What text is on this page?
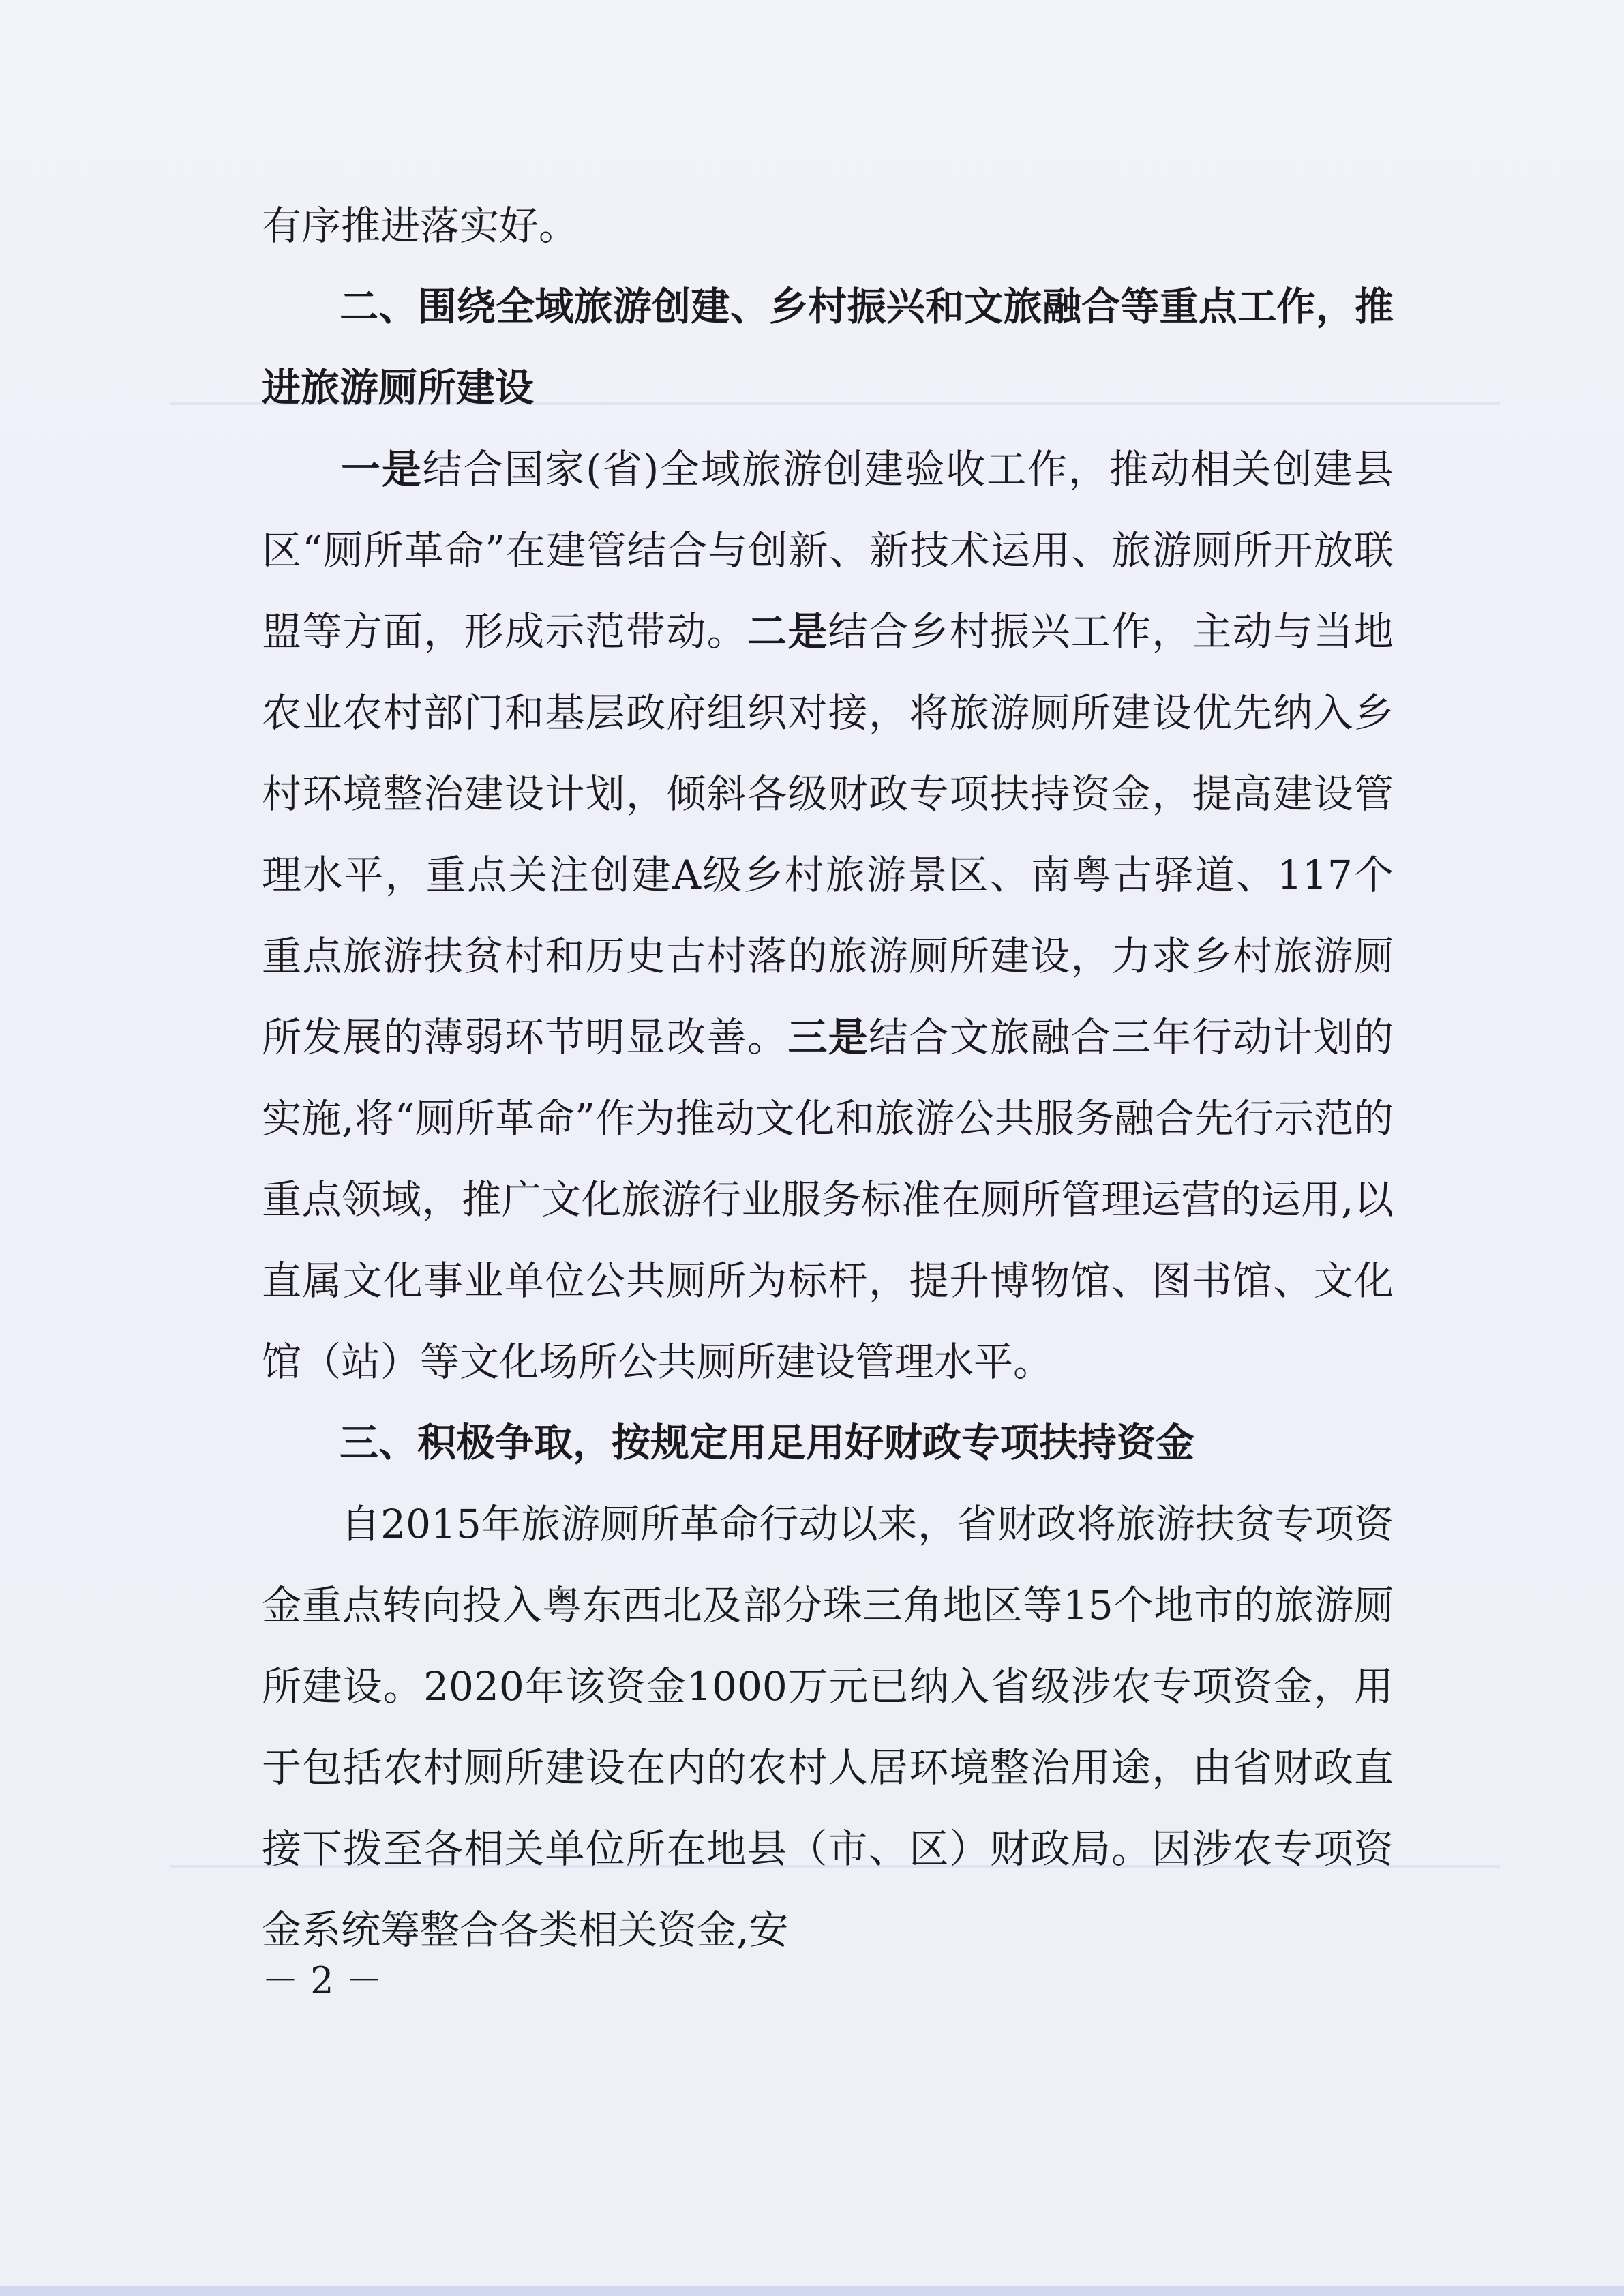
有序推进落实好。

二、围绕全域旅游创建、乡村振兴和文旅融合等重点工作，推进旅游厕所建设

一是结合国家(省)全域旅游创建验收工作，推动相关创建县区“厕所革命”在建管结合与创新、新技术运用、旅游厕所开放联盟等方面，形成示范带动。二是结合乡村振兴工作，主动与当地农业农村部门和基层政府组织对接，将旅游厕所建设优先纳入乡村环境整治建设计划，倾斜各级财政专项扶持资金，提高建设管理水平，重点关注创建A级乡村旅游景区、南粤古驿道、117个重点旅游扶贫村和历史古村落的旅游厕所建设，力求乡村旅游厕所发展的薄弱环节明显改善。三是结合文旅融合三年行动计划的实施,将“厕所革命”作为推动文化和旅游公共服务融合先行示范的重点领域，推广文化旅游行业服务标准在厕所管理运营的运用,以直属文化事业单位公共厕所为标杆，提升博物馆、图书馆、文化馆（站）等文化场所公共厕所建设管理水平。

三、积极争取，按规定用足用好财政专项扶持资金

自2015年旅游厕所革命行动以来，省财政将旅游扶贫专项资金重点转向投入粤东西北及部分珠三角地区等15个地市的旅游厕所建设。2020年该资金1000万元已纳入省级涉农专项资金，用于包括农村厕所建设在内的农村人居环境整治用途，由省财政直接下拨至各相关单位所在地县（市、区）财政局。因涉农专项资金系统筹整合各类相关资金,安

－ 2 －
